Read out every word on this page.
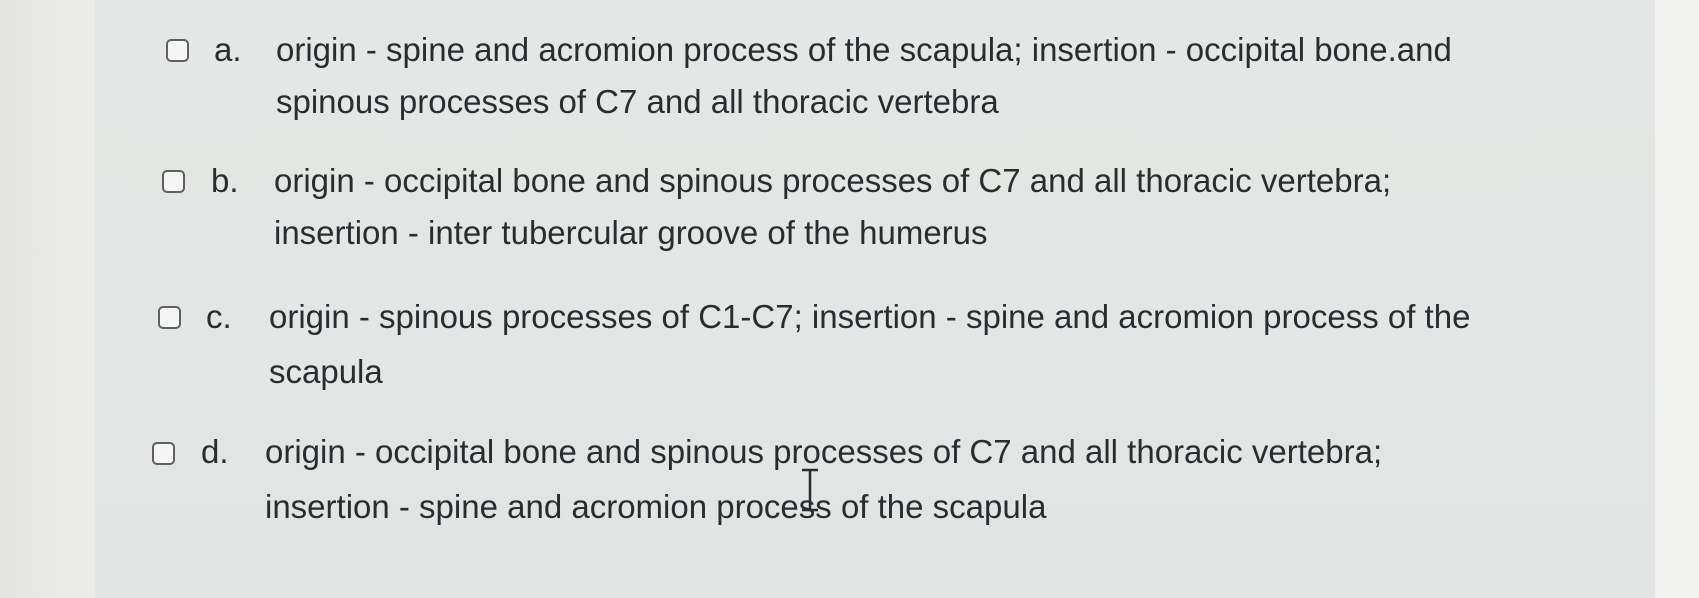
a. origin - spine and acromion process of the scapula; insertion - occipital bone.and
spinous processes of C7 and all thoracic vertebra
b. origin - occipital bone and spinous processes of C7 and all thoracic vertebra;
insertion - inter tubercular groove of the humerus
c. origin - spinous processes of C1-C7; insertion - spine and acromion process of the
scapula
d. origin - occipital bone and spinous processes of C7 and all thoracic vertebra;
insertion - spine and acromion process of the scapula
